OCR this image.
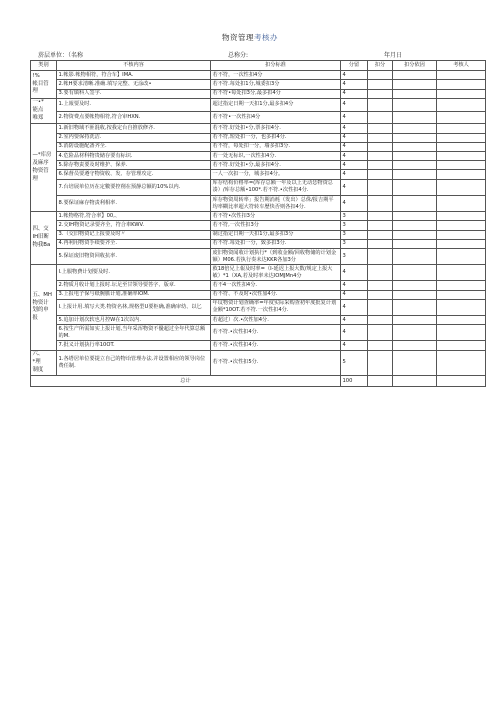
物资管理考核办
菸层单位：（名称	总称分:	年月日
类别	不核内容	扣分标准	分留	扣分	扣分依因	考核人
!%
帐目管
理	1.帐影.帐物相符，符合车】IMA.	若不符，一次性扣4分	4			
	2.帐H要求清晰.准确.填写完整、无涂改•	若不符.每处扣1分,城委扣3分	4			
	3.要有镇科人签字.	若不符•每处扣3分,最多扣4分	4			
一•*
能点
唯郑	1.上報要及时.	超过指定日期一天扣1分,最多扣4分	4			
	2.物资费点要帐物相符,符合审HXN.	若不符•一次性扣4分	4			
—*库房
及麻序
物资管
理	1.新旧物域不匪混收,按我定台自推放修齐.	若不符.好处扣•分,票多扣4分.	4			
	2.室内要保持洗洁.	若不符,短处扣一分，也多扣4分.	4			
	3.消防设施配备齐全.	若不符，每处扣一分，墙多扣3分.	4			
	4.危险品材科物贵储存要有标识.	若一处无标识,一次性扣4分.	4			
	5.除存物责要及时维护、保养.	若不符.好处扣•分,最多扣4分.	4			
	6.保督员要遵守物资收、发、存管理攻定.	一人一次扣一分，城多扣4分。	4			
	7.台培展单位历在定數要控削在预静总额的10%以内.	库存结构价格率=(库存总额一年及以上无动恁物资总凑）/库存总额•100*.若不符.•次性扣4分.	4			
	8.要保证麻存物责利相率.	库存物资周转率」报告期消耗（发出）总侏/报吉期平均率糊比率超大符转车歷快否则各扣4分.	4			
四、交
IH旧断
物我Ba	1.帐物格符,符合率】00,、	若不符•次性扣3分	3			
	2.交IH物资记录要齐全，符合車KWV.	若不符,一次性扣3分	3			
	3.（交旧物资记上报要及时〃	制过指定日期一天扣1分,最多扣3分	3			
	4.再利用物资手续要齐全.	若不符.每处扣一分，致多扣3分.	3			
	5.保证废旧物资回收抗率.	废旧物资闻收计划执行*（到收金额/回收物储的计划金额）M06.若执行奏未达KKR各加3分	3			
五、MH
物资计
划的申
报	I.上服物費计划要及时.	救18倍兄上報及时率=（I-延迟上报大数/规定上报大敏）*1（XA,若及时率未达lOMJMn4分	4			
	2.物质月收计划上报时.坛足至甘领导要答字、版章.	若不4一次性扣4分.	4			
	3.上报电子保与纸腕脈计划,准确率lOM.	若不符、不及时•次性加4分.	4			
	I.上报计用.填写大类.物资名林,规格型U要柜确,准确审幼、以匕	年坟物资计划查确率=年度实际采购查初年度批复计划金额*10OT.若不符.一次性扣4分.	4			
	5.追加计划次软也月控W在1次以内.	若超过）次.•次性加4分.	4			
	6.按生产所需如实上报计划,当年采浑物资不優超过全年代算总额的M.	若不符.•次性扣4分.	4			
	7.批义计划执行率10OT.	若不符.•次性扣4分.	4			
六、
*理
制度	1.各塔居单位要提立自己的物诒管理办法.并设置相应的领导岗位费任制.	若不符.•次性扣5分.	5			
总计			100			
